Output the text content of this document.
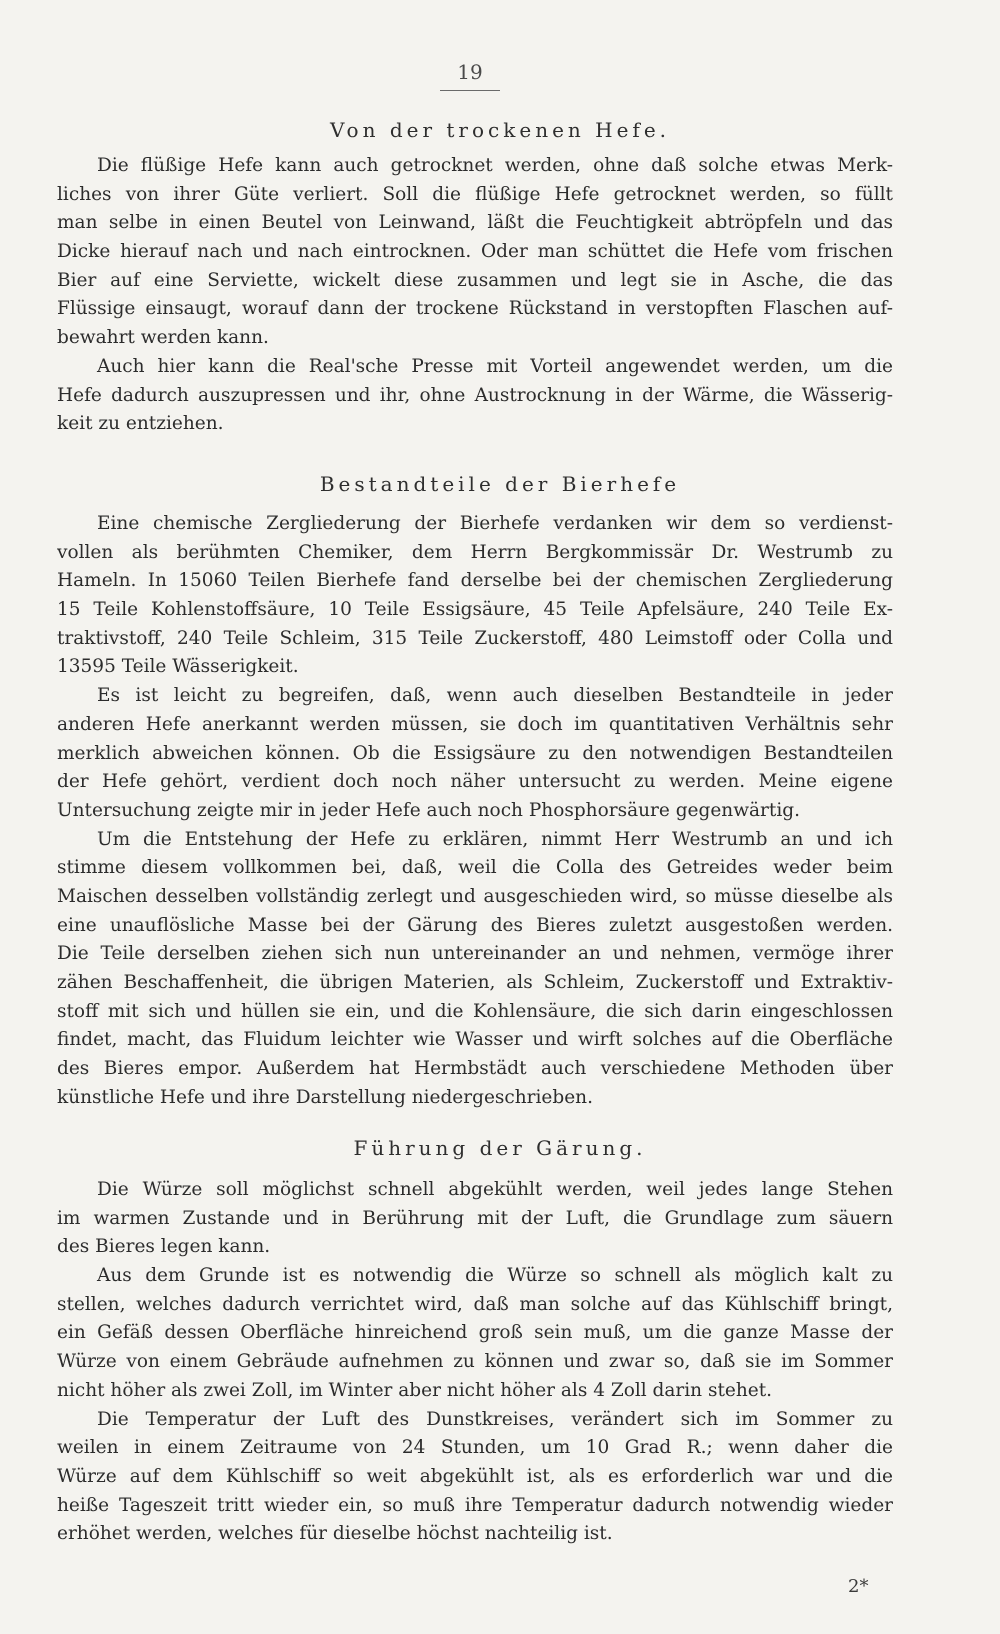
19
Von der trockenen Hefe.
Die flüßige Hefe kann auch getrocknet werden, ohne daß solche etwas Merk-
liches von ihrer Güte verliert. Soll die flüßige Hefe getrocknet werden, so füllt
man selbe in einen Beutel von Leinwand, läßt die Feuchtigkeit abtröpfeln und das
Dicke hierauf nach und nach eintrocknen. Oder man schüttet die Hefe vom frischen
Bier auf eine Serviette, wickelt diese zusammen und legt sie in Asche, die das
Flüssige einsaugt, worauf dann der trockene Rückstand in verstopften Flaschen auf-
bewahrt werden kann.
Auch hier kann die Real'sche Presse mit Vorteil angewendet werden, um die
Hefe dadurch auszupressen und ihr, ohne Austrocknung in der Wärme, die Wässerig-
keit zu entziehen.
Bestandteile der Bierhefe
Eine chemische Zergliederung der Bierhefe verdanken wir dem so verdienst-
vollen als berühmten Chemiker, dem Herrn Bergkommissär Dr. Westrumb zu
Hameln. In 15060 Teilen Bierhefe fand derselbe bei der chemischen Zergliederung
15 Teile Kohlenstoffsäure, 10 Teile Essigsäure, 45 Teile Apfelsäure, 240 Teile Ex-
traktivstoff, 240 Teile Schleim, 315 Teile Zuckerstoff, 480 Leimstoff oder Colla und
13595 Teile Wässerigkeit.
Es ist leicht zu begreifen, daß, wenn auch dieselben Bestandteile in jeder
anderen Hefe anerkannt werden müssen, sie doch im quantitativen Verhältnis sehr
merklich abweichen können. Ob die Essigsäure zu den notwendigen Bestandteilen
der Hefe gehört, verdient doch noch näher untersucht zu werden. Meine eigene
Untersuchung zeigte mir in jeder Hefe auch noch Phosphorsäure gegenwärtig.
Um die Entstehung der Hefe zu erklären, nimmt Herr Westrumb an und ich
stimme diesem vollkommen bei, daß, weil die Colla des Getreides weder beim
Maischen desselben vollständig zerlegt und ausgeschieden wird, so müsse dieselbe als
eine unauflösliche Masse bei der Gärung des Bieres zuletzt ausgestoßen werden.
Die Teile derselben ziehen sich nun untereinander an und nehmen, vermöge ihrer
zähen Beschaffenheit, die übrigen Materien, als Schleim, Zuckerstoff und Extraktiv-
stoff mit sich und hüllen sie ein, und die Kohlensäure, die sich darin eingeschlossen
findet, macht, das Fluidum leichter wie Wasser und wirft solches auf die Oberfläche
des Bieres empor. Außerdem hat Hermbstädt auch verschiedene Methoden über
künstliche Hefe und ihre Darstellung niedergeschrieben.
Führung der Gärung.
Die Würze soll möglichst schnell abgekühlt werden, weil jedes lange Stehen
im warmen Zustande und in Berührung mit der Luft, die Grundlage zum säuern
des Bieres legen kann.
Aus dem Grunde ist es notwendig die Würze so schnell als möglich kalt zu
stellen, welches dadurch verrichtet wird, daß man solche auf das Kühlschiff bringt,
ein Gefäß dessen Oberfläche hinreichend groß sein muß, um die ganze Masse der
Würze von einem Gebräude aufnehmen zu können und zwar so, daß sie im Sommer
nicht höher als zwei Zoll, im Winter aber nicht höher als 4 Zoll darin stehet.
Die Temperatur der Luft des Dunstkreises, verändert sich im Sommer zu
weilen in einem Zeitraume von 24 Stunden, um 10 Grad R.; wenn daher die
Würze auf dem Kühlschiff so weit abgekühlt ist, als es erforderlich war und die
heiße Tageszeit tritt wieder ein, so muß ihre Temperatur dadurch notwendig wieder
erhöhet werden, welches für dieselbe höchst nachteilig ist.
2*
